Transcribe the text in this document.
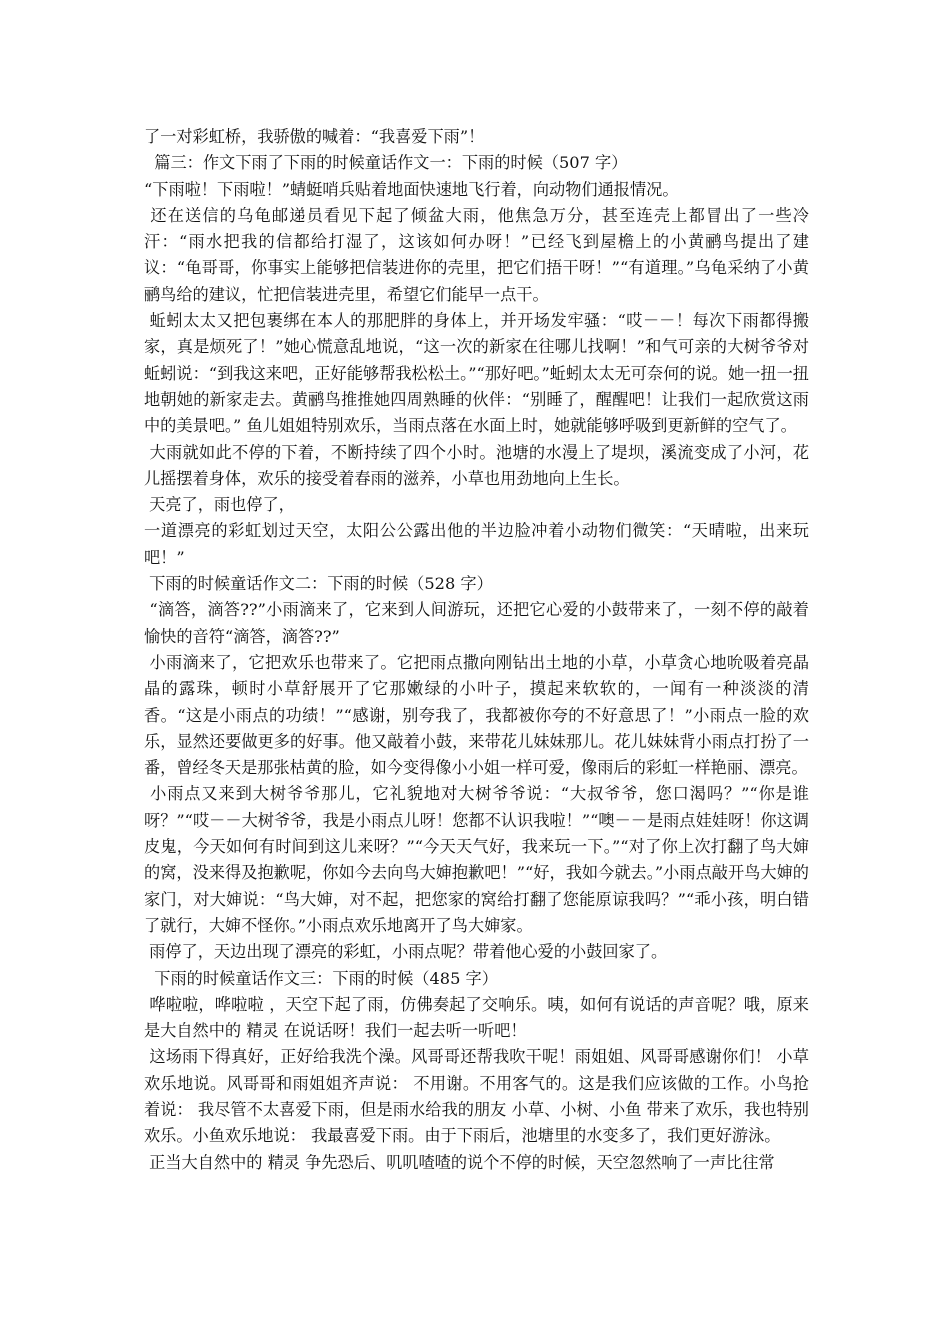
了一对彩虹桥，我骄傲的喊着：“我喜爱下雨”！

篇三：作文下雨了下雨的时候童话作文一：下雨的时候（507 字）

“下雨啦！下雨啦！”蜻蜓哨兵贴着地面快速地飞行着，向动物们通报情况。

还在送信的乌龟邮递员看见下起了倾盆大雨，他焦急万分，甚至连壳上都冒出了一些冷汗：“雨水把我的信都给打湿了，这该如何办呀！”已经飞到屋檐上的小黄鹂鸟提出了建议：“龟哥哥，你事实上能够把信装进你的壳里，把它们捂干呀！”“有道理。”乌龟采纳了小黄鹂鸟给的建议，忙把信装进壳里，希望它们能早一点干。

蚯蚓太太又把包裹绑在本人的那肥胖的身体上，并开场发牢骚：“哎－－！每次下雨都得搬家，真是烦死了！”她心慌意乱地说，“这一次的新家在往哪儿找啊！”和气可亲的大树爷爷对蚯蚓说：“到我这来吧，正好能够帮我松松土。”“那好吧。”蚯蚓太太无可奈何的说。她一扭一扭地朝她的新家走去。黄鹂鸟推推她四周熟睡的伙伴：“别睡了，醒醒吧！让我们一起欣赏这雨中的美景吧。” 鱼儿姐姐特别欢乐，当雨点落在水面上时，她就能够呼吸到更新鲜的空气了。

大雨就如此不停的下着，不断持续了四个小时。池塘的水漫上了堤坝，溪流变成了小河，花儿摇摆着身体，欢乐的接受着春雨的滋养，小草也用劲地向上生长。

天亮了，雨也停了，

一道漂亮的彩虹划过天空，太阳公公露出他的半边脸冲着小动物们微笑：“天晴啦，出来玩吧！”

下雨的时候童话作文二：下雨的时候（528 字）

“滴答，滴答??”小雨滴来了，它来到人间游玩，还把它心爱的小鼓带来了，一刻不停的敲着愉快的音符“滴答，滴答??”

小雨滴来了，它把欢乐也带来了。它把雨点撒向刚钻出土地的小草，小草贪心地吮吸着亮晶晶的露珠，顿时小草舒展开了它那嫩绿的小叶子，摸起来软软的，一闻有一种淡淡的清香。“这是小雨点的功绩！”“感谢，别夸我了，我都被你夸的不好意思了！”小雨点一脸的欢乐，显然还要做更多的好事。他又敲着小鼓，来带花儿妹妹那儿。花儿妹妹背小雨点打扮了一番，曾经冬天是那张枯黄的脸，如今变得像小小姐一样可爱，像雨后的彩虹一样艳丽、漂亮。

小雨点又来到大树爷爷那儿，它礼貌地对大树爷爷说：“大叔爷爷，您口渴吗？”“你是谁呀？”“哎－－大树爷爷，我是小雨点儿呀！您都不认识我啦！”“噢－－是雨点娃娃呀！你这调皮鬼，今天如何有时间到这儿来呀？”“今天天气好，我来玩一下。”“对了你上次打翻了鸟大婶的窝，没来得及抱歉呢，你如今去向鸟大婶抱歉吧！”“好，我如今就去。”小雨点敲开鸟大婶的家门，对大婶说：“鸟大婶，对不起，把您家的窝给打翻了您能原谅我吗？”“乖小孩，明白错了就行，大婶不怪你。”小雨点欢乐地离开了鸟大婶家。

雨停了，天边出现了漂亮的彩虹，小雨点呢？带着他心爱的小鼓回家了。

下雨的时候童话作文三：下雨的时候（485 字）

哗啦啦，哗啦啦 ，天空下起了雨，仿佛奏起了交响乐。咦，如何有说话的声音呢？哦，原来是大自然中的 精灵 在说话呀！我们一起去听一听吧！

这场雨下得真好，正好给我洗个澡。风哥哥还帮我吹干呢！雨姐姐、风哥哥感谢你们！ 小草欢乐地说。风哥哥和雨姐姐齐声说： 不用谢。不用客气的。这是我们应该做的工作。小鸟抢着说： 我尽管不太喜爱下雨，但是雨水给我的朋友 小草、小树、小鱼 带来了欢乐，我也特别欢乐。小鱼欢乐地说： 我最喜爱下雨。由于下雨后，池塘里的水变多了，我们更好游泳。

正当大自然中的 精灵 争先恐后、叽叽喳喳的说个不停的时候，天空忽然响了一声比往常
